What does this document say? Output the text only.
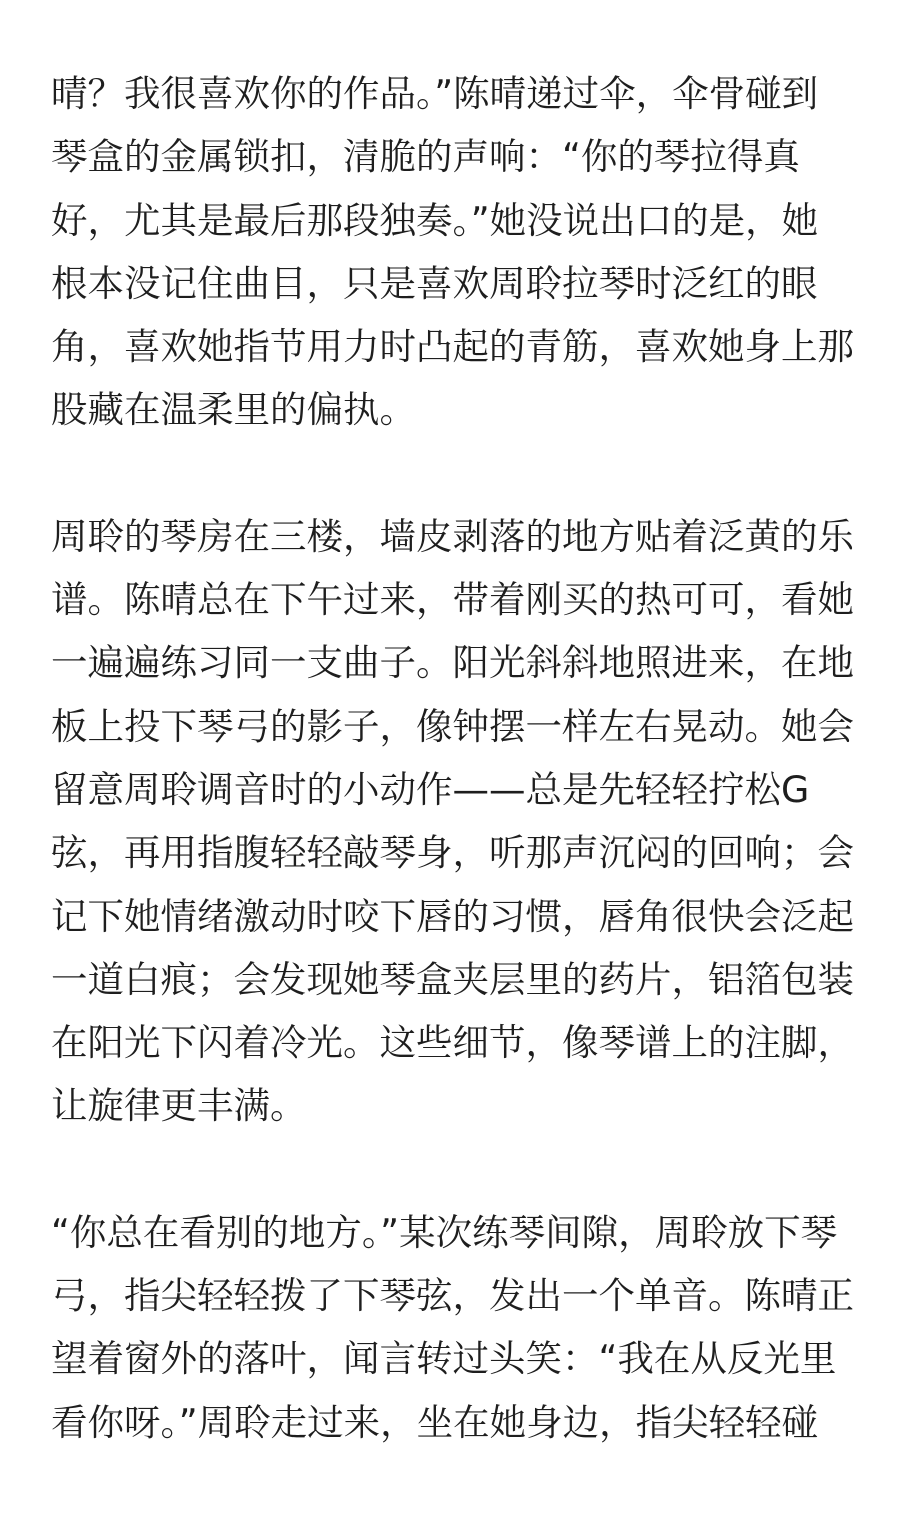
晴？我很喜欢你的作品。”陈晴递过伞，伞骨碰到
琴盒的金属锁扣，清脆的声响：“你的琴拉得真
好，尤其是最后那段独奏。”她没说出口的是，她
根本没记住曲目，只是喜欢周聆拉琴时泛红的眼
角，喜欢她指节用力时凸起的青筋，喜欢她身上那
股藏在温柔里的偏执。

周聆的琴房在三楼，墙皮剥落的地方贴着泛黄的乐
谱。陈晴总在下午过来，带着刚买的热可可，看她
一遍遍练习同一支曲子。阳光斜斜地照进来，在地
板上投下琴弓的影子，像钟摆一样左右晃动。她会
留意周聆调音时的小动作——总是先轻轻拧松G
弦，再用指腹轻轻敲琴身，听那声沉闷的回响；会
记下她情绪激动时咬下唇的习惯，唇角很快会泛起
一道白痕；会发现她琴盒夹层里的药片，铝箔包装
在阳光下闪着冷光。这些细节，像琴谱上的注脚，
让旋律更丰满。

“你总在看别的地方。”某次练琴间隙，周聆放下琴
弓，指尖轻轻拨了下琴弦，发出一个单音。陈晴正
望着窗外的落叶，闻言转过头笑：“我在从反光里
看你呀。”周聆走过来，坐在她身边，指尖轻轻碰
